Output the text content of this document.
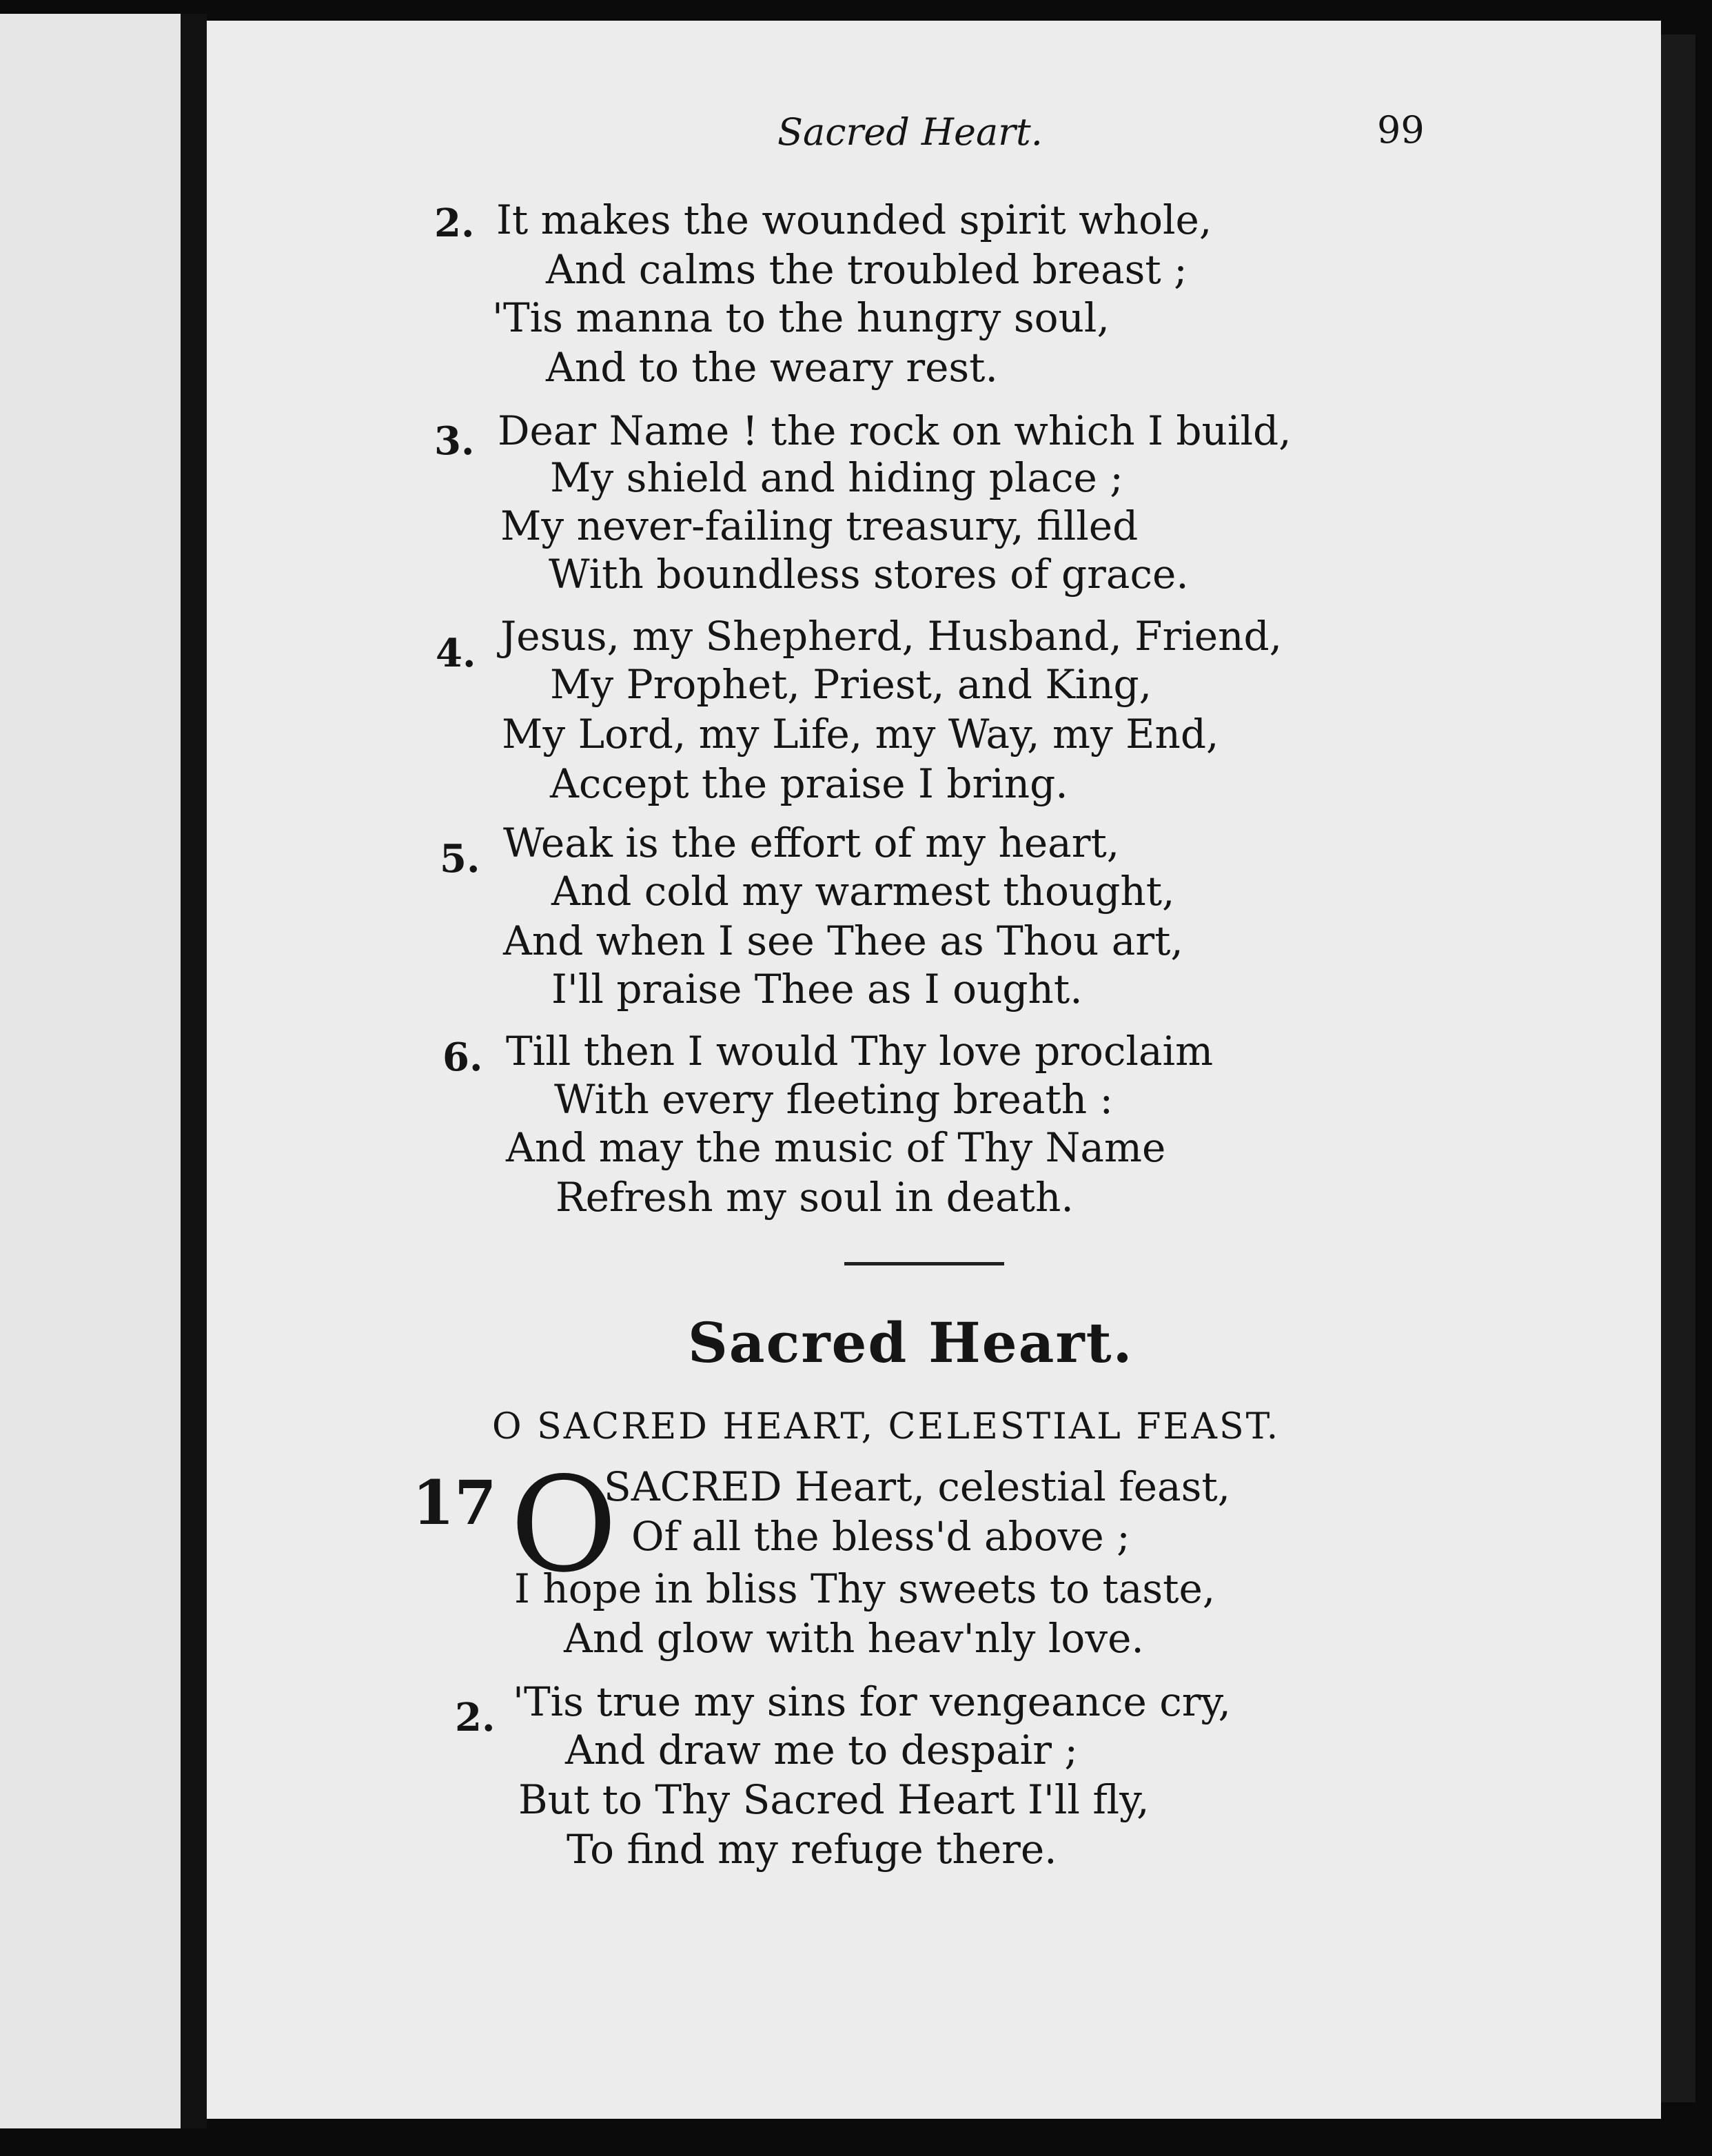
Sacred Heart.	99
2. It makes the wounded spirit whole,
And calms the troubled breast ;
'Tis manna to the hungry soul,
And to the weary rest.
3. Dear Name ! the rock on which I build,
My shield and hiding place ;
My never-failing treasury, filled
With boundless stores of grace.
4. Jesus, my Shepherd, Husband, Friend,
My Prophet, Priest, and King,
My Lord, my Life, my Way, my End,
Accept the praise I bring.
5. Weak is the effort of my heart,
And cold my warmest thought,
And when I see Thee as Thou art,
I'll praise Thee as I ought.
6. Till then I would Thy love proclaim
With every fleeting breath :
And may the music of Thy Name
Refresh my soul in death.
Sacred Heart.
O SACRED HEART, CELESTIAL FEAST.
17 O
SACRED Heart, celestial feast,
Of all the bless'd above ;
I hope in bliss Thy sweets to taste,
And glow with heav'nly love.
2. 'Tis true my sins for vengeance cry,
And draw me to despair ;
But to Thy Sacred Heart I'll fly,
To find my refuge there.
